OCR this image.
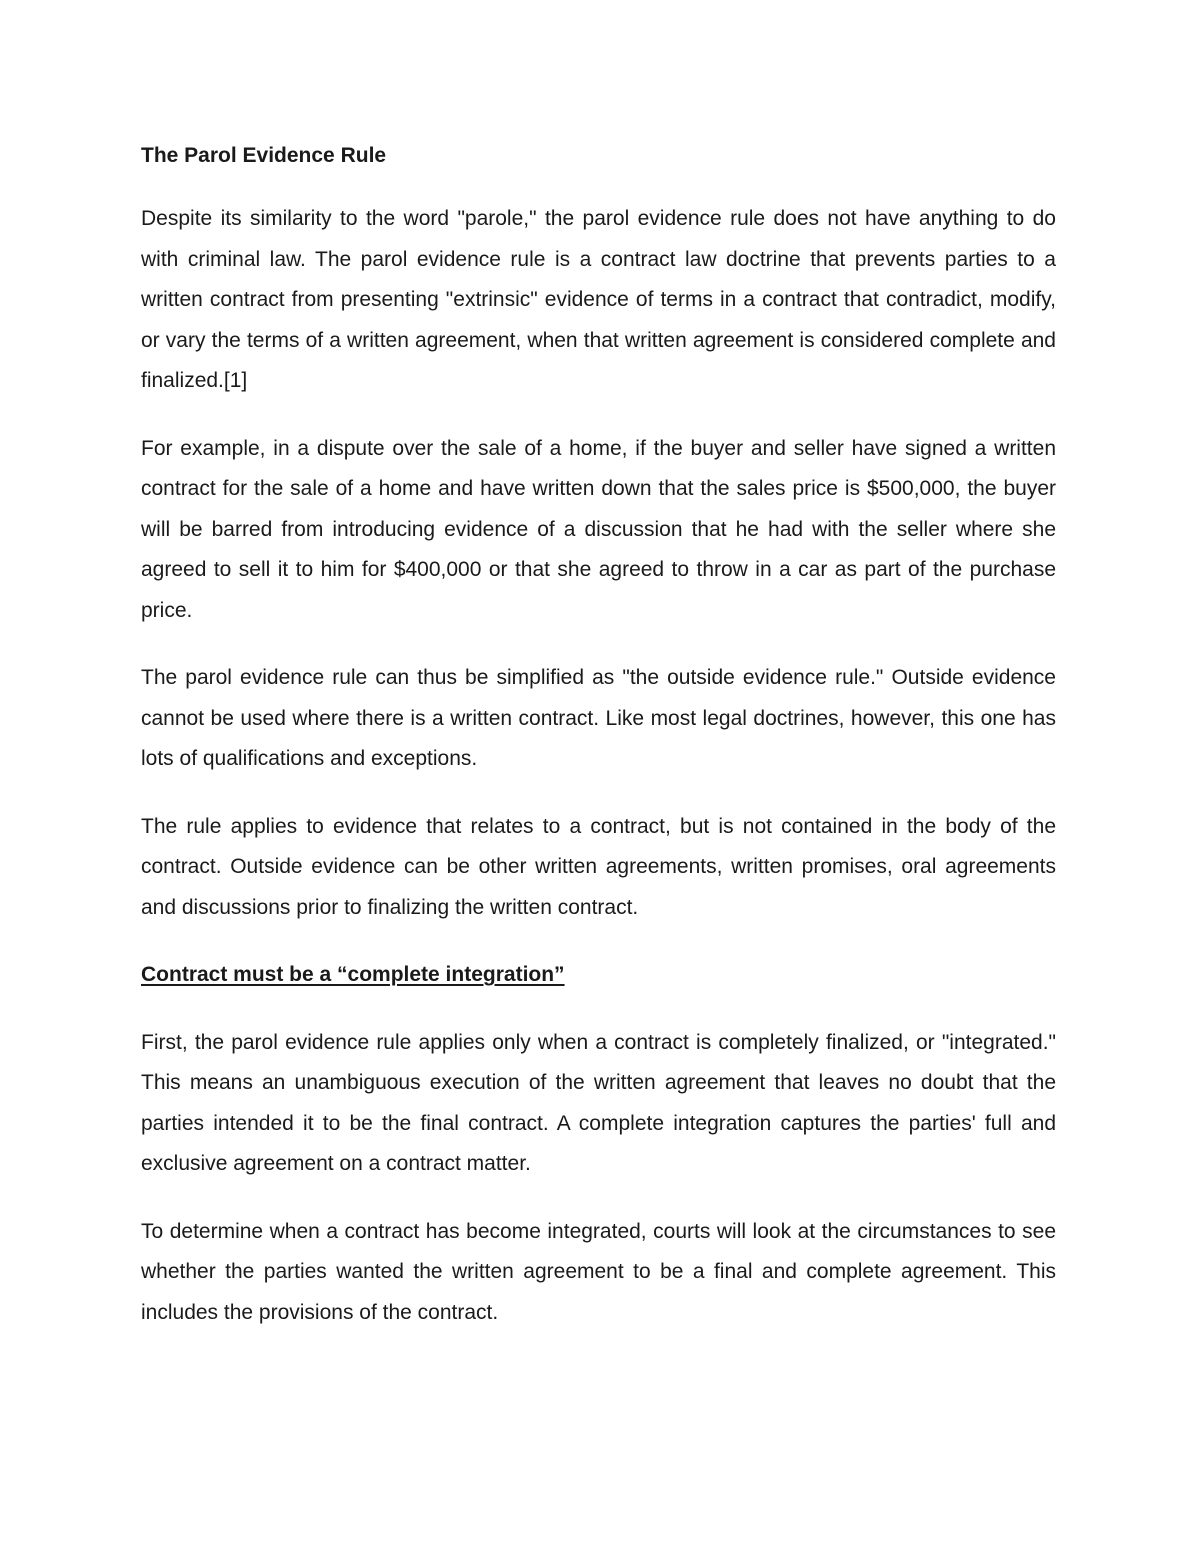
The Parol Evidence Rule

Despite its similarity to the word "parole," the parol evidence rule does not have anything to do with criminal law. The parol evidence rule is a contract law doctrine that prevents parties to a written contract from presenting "extrinsic" evidence of terms in a contract that contradict, modify, or vary the terms of a written agreement, when that written agreement is considered complete and finalized.[1]

For example, in a dispute over the sale of a home, if the buyer and seller have signed a written contract for the sale of a home and have written down that the sales price is $500,000, the buyer will be barred from introducing evidence of a discussion that he had with the seller where she agreed to sell it to him for $400,000 or that she agreed to throw in a car as part of the purchase price.

The parol evidence rule can thus be simplified as "the outside evidence rule." Outside evidence cannot be used where there is a written contract. Like most legal doctrines, however, this one has lots of qualifications and exceptions.

The rule applies to evidence that relates to a contract, but is not contained in the body of the contract. Outside evidence can be other written agreements, written promises, oral agreements and discussions prior to finalizing the written contract.

Contract must be a “complete integration”

First, the parol evidence rule applies only when a contract is completely finalized, or "integrated." This means an unambiguous execution of the written agreement that leaves no doubt that the parties intended it to be the final contract. A complete integration captures the parties' full and exclusive agreement on a contract matter.

To determine when a contract has become integrated, courts will look at the circumstances to see whether the parties wanted the written agreement to be a final and complete agreement. This includes the provisions of the contract.
